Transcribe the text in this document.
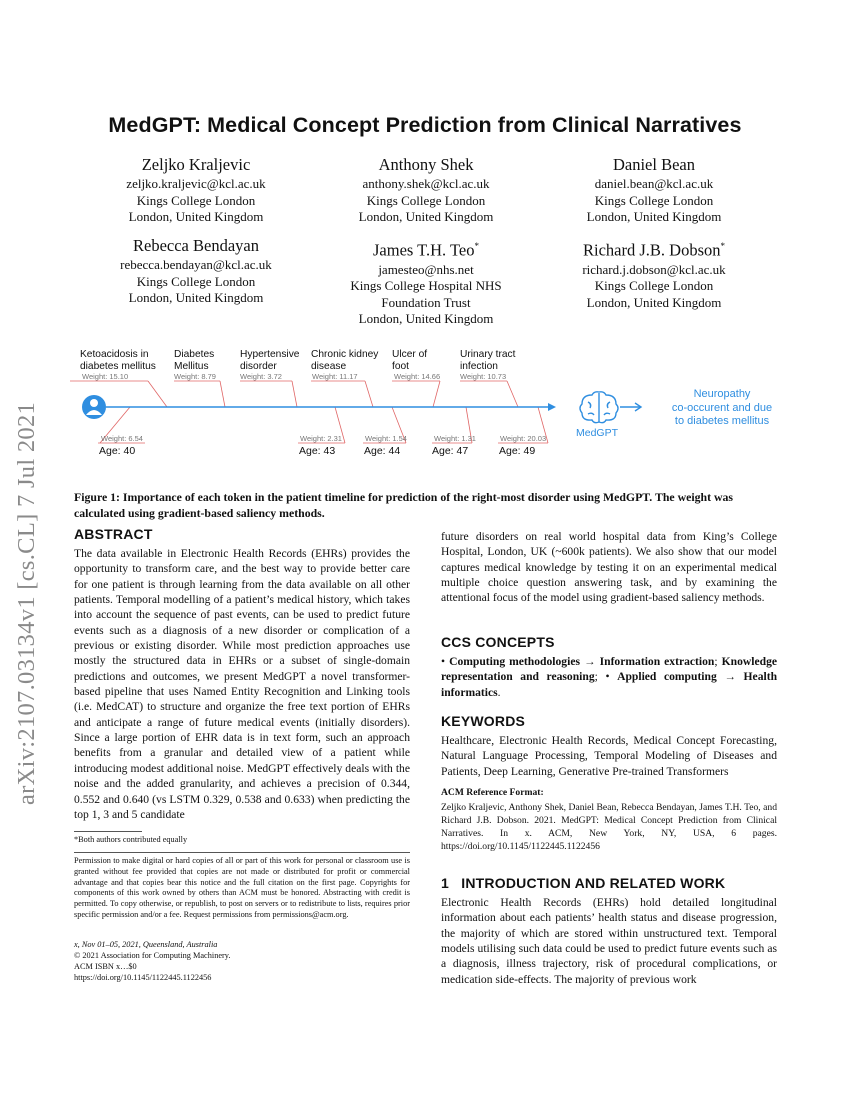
arXiv:2107.03134v1 [cs.CL] 7 Jul 2021
MedGPT: Medical Concept Prediction from Clinical Narratives
Zeljko Kraljevic
zeljko.kraljevic@kcl.ac.uk
Kings College London
London, United Kingdom
Anthony Shek
anthony.shek@kcl.ac.uk
Kings College London
London, United Kingdom
Daniel Bean
daniel.bean@kcl.ac.uk
Kings College London
London, United Kingdom
Rebecca Bendayan
rebecca.bendayan@kcl.ac.uk
Kings College London
London, United Kingdom
James T.H. Teo*
jamesteo@nhs.net
Kings College Hospital NHS
Foundation Trust
London, United Kingdom
Richard J.B. Dobson*
richard.j.dobson@kcl.ac.uk
Kings College London
London, United Kingdom
Ketoacidosis in
diabetes mellitus
Weight: 15.10
Diabetes
Mellitus
Weight: 8.79
Hypertensive
disorder
Weight: 3.72
Chronic kidney
disease
Weight: 11.17
Ulcer of
foot
Weight: 14.66
Urinary tract
infection
Weight: 10.73
Weight: 6.54
Age: 40
Weight: 2.31
Age: 43
Weight: 1.54
Age: 44
Weight: 1.31
Age: 47
Weight: 20.03
Age: 49
MedGPT
Neuropathy
co-occurent and due
to diabetes mellitus
Figure 1: Importance of each token in the patient timeline for prediction of the right-most disorder using MedGPT. The weight was calculated using gradient-based saliency methods.
ABSTRACT
The data available in Electronic Health Records (EHRs) provides the opportunity to transform care, and the best way to provide better care for one patient is through learning from the data available on all other patients. Temporal modelling of a patient’s medical history, which takes into account the sequence of past events, can be used to predict future events such as a diagnosis of a new disorder or complication of a previous or existing disorder. While most prediction approaches use mostly the structured data in EHRs or a subset of single-domain predictions and outcomes, we present MedGPT a novel transformer-based pipeline that uses Named Entity Recognition and Linking tools (i.e. MedCAT) to structure and organize the free text portion of EHRs and anticipate a range of future medical events (initially disorders). Since a large portion of EHR data is in text form, such an approach benefits from a granular and detailed view of a patient while introducing modest additional noise. MedGPT effectively deals with the noise and the added granularity, and achieves a precision of 0.344, 0.552 and 0.640 (vs LSTM 0.329, 0.538 and 0.633) when predicting the top 1, 3 and 5 candidate
*Both authors contributed equally
Permission to make digital or hard copies of all or part of this work for personal or classroom use is granted without fee provided that copies are not made or distributed for profit or commercial advantage and that copies bear this notice and the full citation on the first page. Copyrights for components of this work owned by others than ACM must be honored. Abstracting with credit is permitted. To copy otherwise, or republish, to post on servers or to redistribute to lists, requires prior specific permission and/or a fee. Request permissions from permissions@acm.org.
x, Nov 01–05, 2021, Queensland, Australia
© 2021 Association for Computing Machinery.
ACM ISBN x…$0
https://doi.org/10.1145/1122445.1122456
future disorders on real world hospital data from King’s College Hospital, London, UK (~600k patients). We also show that our model captures medical knowledge by testing it on an experimental medical multiple choice question answering task, and by examining the attentional focus of the model using gradient-based saliency methods.
CCS CONCEPTS
• Computing methodologies → Information extraction; Knowledge representation and reasoning; • Applied computing → Health informatics.
KEYWORDS
Healthcare, Electronic Health Records, Medical Concept Forecasting, Natural Language Processing, Temporal Modeling of Diseases and Patients, Deep Learning, Generative Pre-trained Transformers
ACM Reference Format:
Zeljko Kraljevic, Anthony Shek, Daniel Bean, Rebecca Bendayan, James T.H. Teo, and Richard J.B. Dobson. 2021. MedGPT: Medical Concept Prediction from Clinical Narratives. In x. ACM, New York, NY, USA, 6 pages. https://doi.org/10.1145/1122445.1122456
1 INTRODUCTION AND RELATED WORK
Electronic Health Records (EHRs) hold detailed longitudinal information about each patients’ health status and disease progression, the majority of which are stored within unstructured text. Temporal models utilising such data could be used to predict future events such as a diagnosis, illness trajectory, risk of procedural complications, or medication side-effects. The majority of previous work
